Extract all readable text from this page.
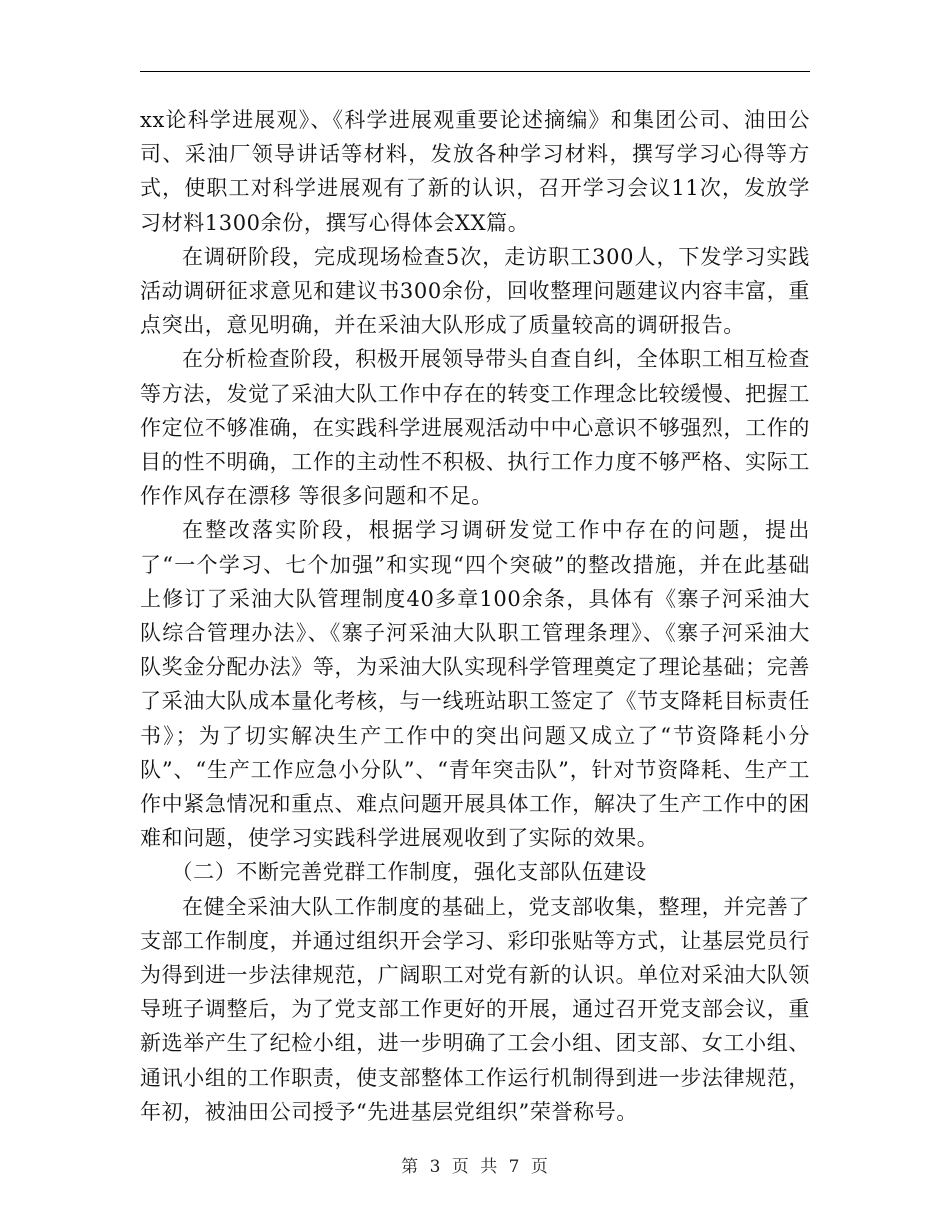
xx论科学进展观》、《科学进展观重要论述摘编》和集团公司、油田公司、采油厂领导讲话等材料，发放各种学习材料，撰写学习心得等方式，使职工对科学进展观有了新的认识，召开学习会议11次，发放学习材料1300余份，撰写心得体会XX篇。

在调研阶段，完成现场检查5次，走访职工300人，下发学习实践活动调研征求意见和建议书300余份，回收整理问题建议内容丰富，重点突出，意见明确，并在采油大队形成了质量较高的调研报告。

在分析检查阶段，积极开展领导带头自查自纠，全体职工相互检查等方法，发觉了采油大队工作中存在的转变工作理念比较缓慢、把握工作定位不够准确，在实践科学进展观活动中中心意识不够强烈，工作的目的性不明确，工作的主动性不积极、执行工作力度不够严格、实际工作作风存在漂移 等很多问题和不足。

在整改落实阶段，根据学习调研发觉工作中存在的问题，提出了“一个学习、七个加强”和实现“四个突破”的整改措施，并在此基础上修订了采油大队管理制度40多章100余条，具体有《寨子河采油大队综合管理办法》、《寨子河采油大队职工管理条理》、《寨子河采油大队奖金分配办法》等，为采油大队实现科学管理奠定了理论基础；完善了采油大队成本量化考核，与一线班站职工签定了《节支降耗目标责任书》；为了切实解决生产工作中的突出问题又成立了“节资降耗小分队”、“生产工作应急小分队”、“青年突击队”，针对节资降耗、生产工作中紧急情况和重点、难点问题开展具体工作，解决了生产工作中的困难和问题，使学习实践科学进展观收到了实际的效果。

（二）不断完善党群工作制度，强化支部队伍建设

在健全采油大队工作制度的基础上，党支部收集，整理，并完善了支部工作制度，并通过组织开会学习、彩印张贴等方式，让基层党员行为得到进一步法律规范，广阔职工对党有新的认识。单位对采油大队领导班子调整后，为了党支部工作更好的开展，通过召开党支部会议，重新选举产生了纪检小组，进一步明确了工会小组、团支部、女工小组、通讯小组的工作职责，使支部整体工作运行机制得到进一步法律规范，年初，被油田公司授予“先进基层党组织”荣誉称号。

第 3 页 共 7 页
